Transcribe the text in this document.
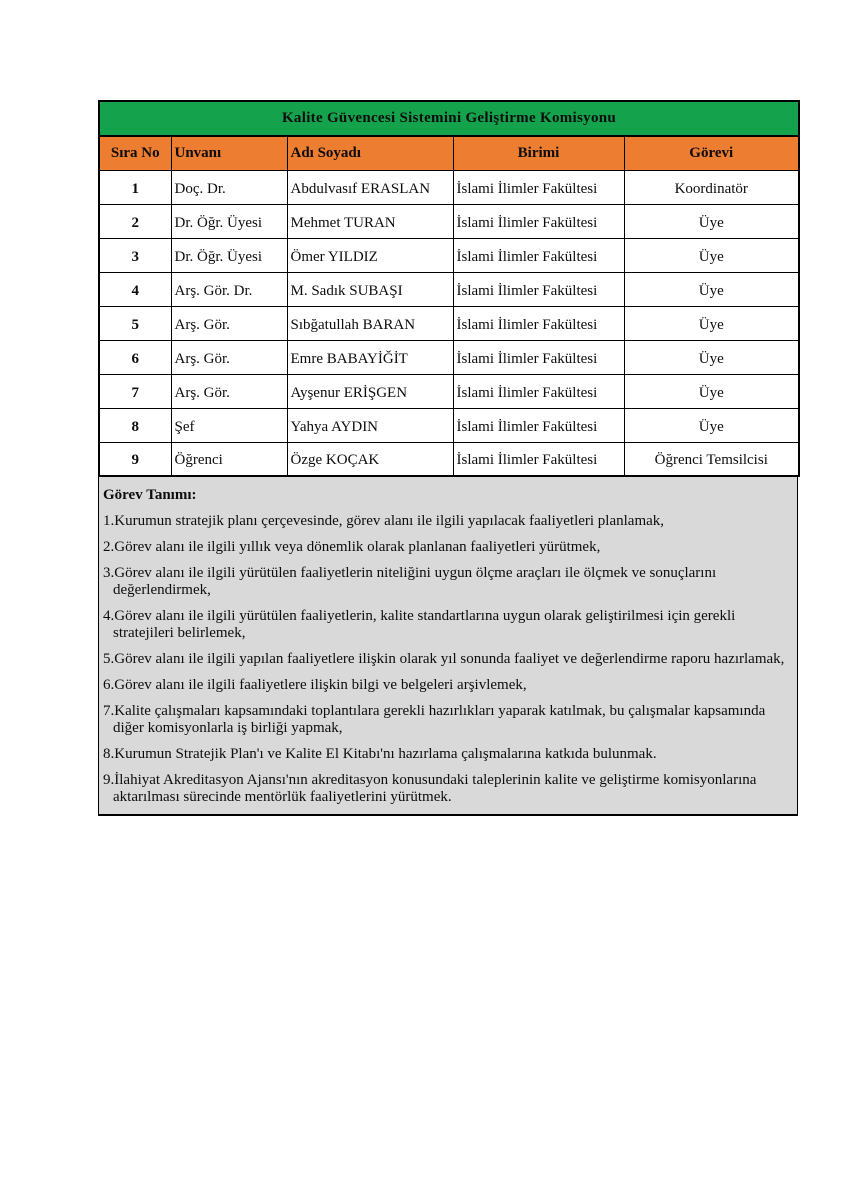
Kalite Güvencesi Sistemini Geliştirme Komisyonu				
Sıra No	Unvanı	Adı Soyadı	Birimi	Görevi
1	Doç. Dr.	Abdulvasıf ERASLAN	İslami İlimler Fakültesi	Koordinatör
2	Dr. Öğr. Üyesi	Mehmet TURAN	İslami İlimler Fakültesi	Üye
3	Dr. Öğr. Üyesi	Ömer YILDIZ	İslami İlimler Fakültesi	Üye
4	Arş. Gör. Dr.	M. Sadık SUBAŞI	İslami İlimler Fakültesi	Üye
5	Arş. Gör.	Sıbğatullah BARAN	İslami İlimler Fakültesi	Üye
6	Arş. Gör.	Emre BABAYİĞİT	İslami İlimler Fakültesi	Üye
7	Arş. Gör.	Ayşenur ERİŞGEN	İslami İlimler Fakültesi	Üye
8	Şef	Yahya AYDIN	İslami İlimler Fakültesi	Üye
9	Öğrenci	Özge KOÇAK	İslami İlimler Fakültesi	Öğrenci Temsilcisi
Görev Tanımı:
1.Kurumun stratejik planı çerçevesinde, görev alanı ile ilgili yapılacak faaliyetleri planlamak,
2.Görev alanı ile ilgili yıllık veya dönemlik olarak planlanan faaliyetleri yürütmek,
3.Görev alanı ile ilgili yürütülen faaliyetlerin niteliğini uygun ölçme araçları ile ölçmek ve sonuçlarını değerlendirmek,
4.Görev alanı ile ilgili yürütülen faaliyetlerin, kalite standartlarına uygun olarak geliştirilmesi için gerekli stratejileri belirlemek,
5.Görev alanı ile ilgili yapılan faaliyetlere ilişkin olarak yıl sonunda faaliyet ve değerlendirme raporu hazırlamak,
6.Görev alanı ile ilgili faaliyetlere ilişkin bilgi ve belgeleri arşivlemek,
7.Kalite çalışmaları kapsamındaki toplantılara gerekli hazırlıkları yaparak katılmak, bu çalışmalar kapsamında diğer komisyonlarla iş birliği yapmak,
8.Kurumun Stratejik Plan'ı ve Kalite El Kitabı'nı hazırlama çalışmalarına katkıda bulunmak.
9.İlahiyat Akreditasyon Ajansı'nın akreditasyon konusundaki taleplerinin kalite ve geliştirme komisyonlarına aktarılması sürecinde mentörlük faaliyetlerini yürütmek.
